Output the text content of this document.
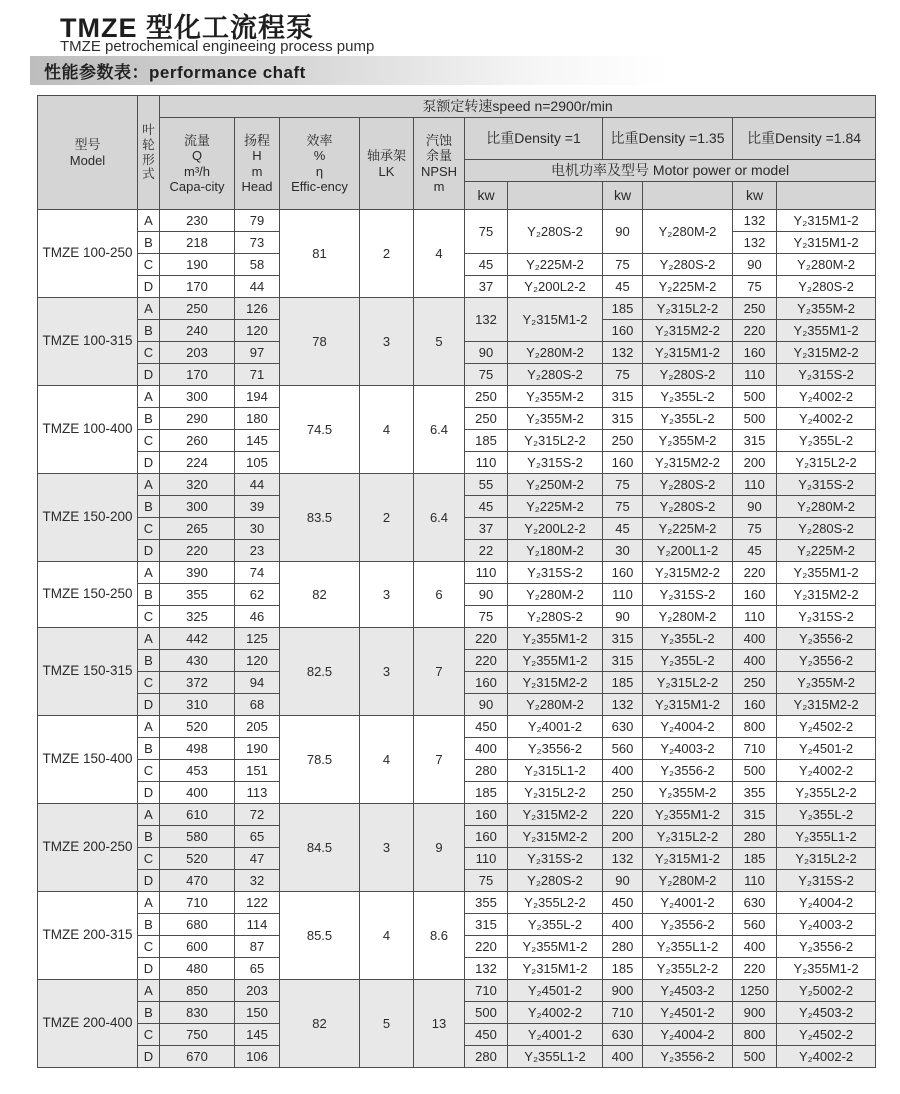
TMZE 型化工流程泵
TMZE petrochemical engineeing process pump
性能参数表：performance chaft
型号
Model	叶
轮
形
式	泵额定转速speed n=2900r/min										
		流量
Q
m³/h
Capa-city	扬程
H
m
Head	效率
%
η
Effic-ency	轴承架
LK	汽蚀
余量
NPSH
m	比重Density =1		比重Density =1.35		比重Density =1.84	
							电机功率及型号 Motor power or model					
							kw		kw		kw	
TMZE 100-250	A	230	79	81	2	4	75	Y₂280S-2	90	Y₂280M-2	132	Y₂315M1-2
	B	218	73								132	Y₂315M1-2
	C	190	58				45	Y₂225M-2	75	Y₂280S-2	90	Y₂280M-2
	D	170	44				37	Y₂200L2-2	45	Y₂225M-2	75	Y₂280S-2
TMZE 100-315	A	250	126	78	3	5	132	Y₂315M1-2	185	Y₂315L2-2	250	Y₂355M-2
	B	240	120						160	Y₂315M2-2	220	Y₂355M1-2
	C	203	97				90	Y₂280M-2	132	Y₂315M1-2	160	Y₂315M2-2
	D	170	71				75	Y₂280S-2	75	Y₂280S-2	110	Y₂315S-2
TMZE 100-400	A	300	194	74.5	4	6.4	250	Y₂355M-2	315	Y₂355L-2	500	Y₂4002-2
	B	290	180				250	Y₂355M-2	315	Y₂355L-2	500	Y₂4002-2
	C	260	145				185	Y₂315L2-2	250	Y₂355M-2	315	Y₂355L-2
	D	224	105				110	Y₂315S-2	160	Y₂315M2-2	200	Y₂315L2-2
TMZE 150-200	A	320	44	83.5	2	6.4	55	Y₂250M-2	75	Y₂280S-2	110	Y₂315S-2
	B	300	39				45	Y₂225M-2	75	Y₂280S-2	90	Y₂280M-2
	C	265	30				37	Y₂200L2-2	45	Y₂225M-2	75	Y₂280S-2
	D	220	23				22	Y₂180M-2	30	Y₂200L1-2	45	Y₂225M-2
TMZE 150-250	A	390	74	82	3	6	110	Y₂315S-2	160	Y₂315M2-2	220	Y₂355M1-2
	B	355	62				90	Y₂280M-2	110	Y₂315S-2	160	Y₂315M2-2
	C	325	46				75	Y₂280S-2	90	Y₂280M-2	110	Y₂315S-2
TMZE 150-315	A	442	125	82.5	3	7	220	Y₂355M1-2	315	Y₂355L-2	400	Y₂3556-2
	B	430	120				220	Y₂355M1-2	315	Y₂355L-2	400	Y₂3556-2
	C	372	94				160	Y₂315M2-2	185	Y₂315L2-2	250	Y₂355M-2
	D	310	68				90	Y₂280M-2	132	Y₂315M1-2	160	Y₂315M2-2
TMZE 150-400	A	520	205	78.5	4	7	450	Y₂4001-2	630	Y₂4004-2	800	Y₂4502-2
	B	498	190				400	Y₂3556-2	560	Y₂4003-2	710	Y₂4501-2
	C	453	151				280	Y₂315L1-2	400	Y₂3556-2	500	Y₂4002-2
	D	400	113				185	Y₂315L2-2	250	Y₂355M-2	355	Y₂355L2-2
TMZE 200-250	A	610	72	84.5	3	9	160	Y₂315M2-2	220	Y₂355M1-2	315	Y₂355L-2
	B	580	65				160	Y₂315M2-2	200	Y₂315L2-2	280	Y₂355L1-2
	C	520	47				110	Y₂315S-2	132	Y₂315M1-2	185	Y₂315L2-2
	D	470	32				75	Y₂280S-2	90	Y₂280M-2	110	Y₂315S-2
TMZE 200-315	A	710	122	85.5	4	8.6	355	Y₂355L2-2	450	Y₂4001-2	630	Y₂4004-2
	B	680	114				315	Y₂355L-2	400	Y₂3556-2	560	Y₂4003-2
	C	600	87				220	Y₂355M1-2	280	Y₂355L1-2	400	Y₂3556-2
	D	480	65				132	Y₂315M1-2	185	Y₂355L2-2	220	Y₂355M1-2
TMZE 200-400	A	850	203	82	5	13	710	Y₂4501-2	900	Y₂4503-2	1250	Y₂5002-2
	B	830	150				500	Y₂4002-2	710	Y₂4501-2	900	Y₂4503-2
	C	750	145				450	Y₂4001-2	630	Y₂4004-2	800	Y₂4502-2
	D	670	106				280	Y₂355L1-2	400	Y₂3556-2	500	Y₂4002-2
